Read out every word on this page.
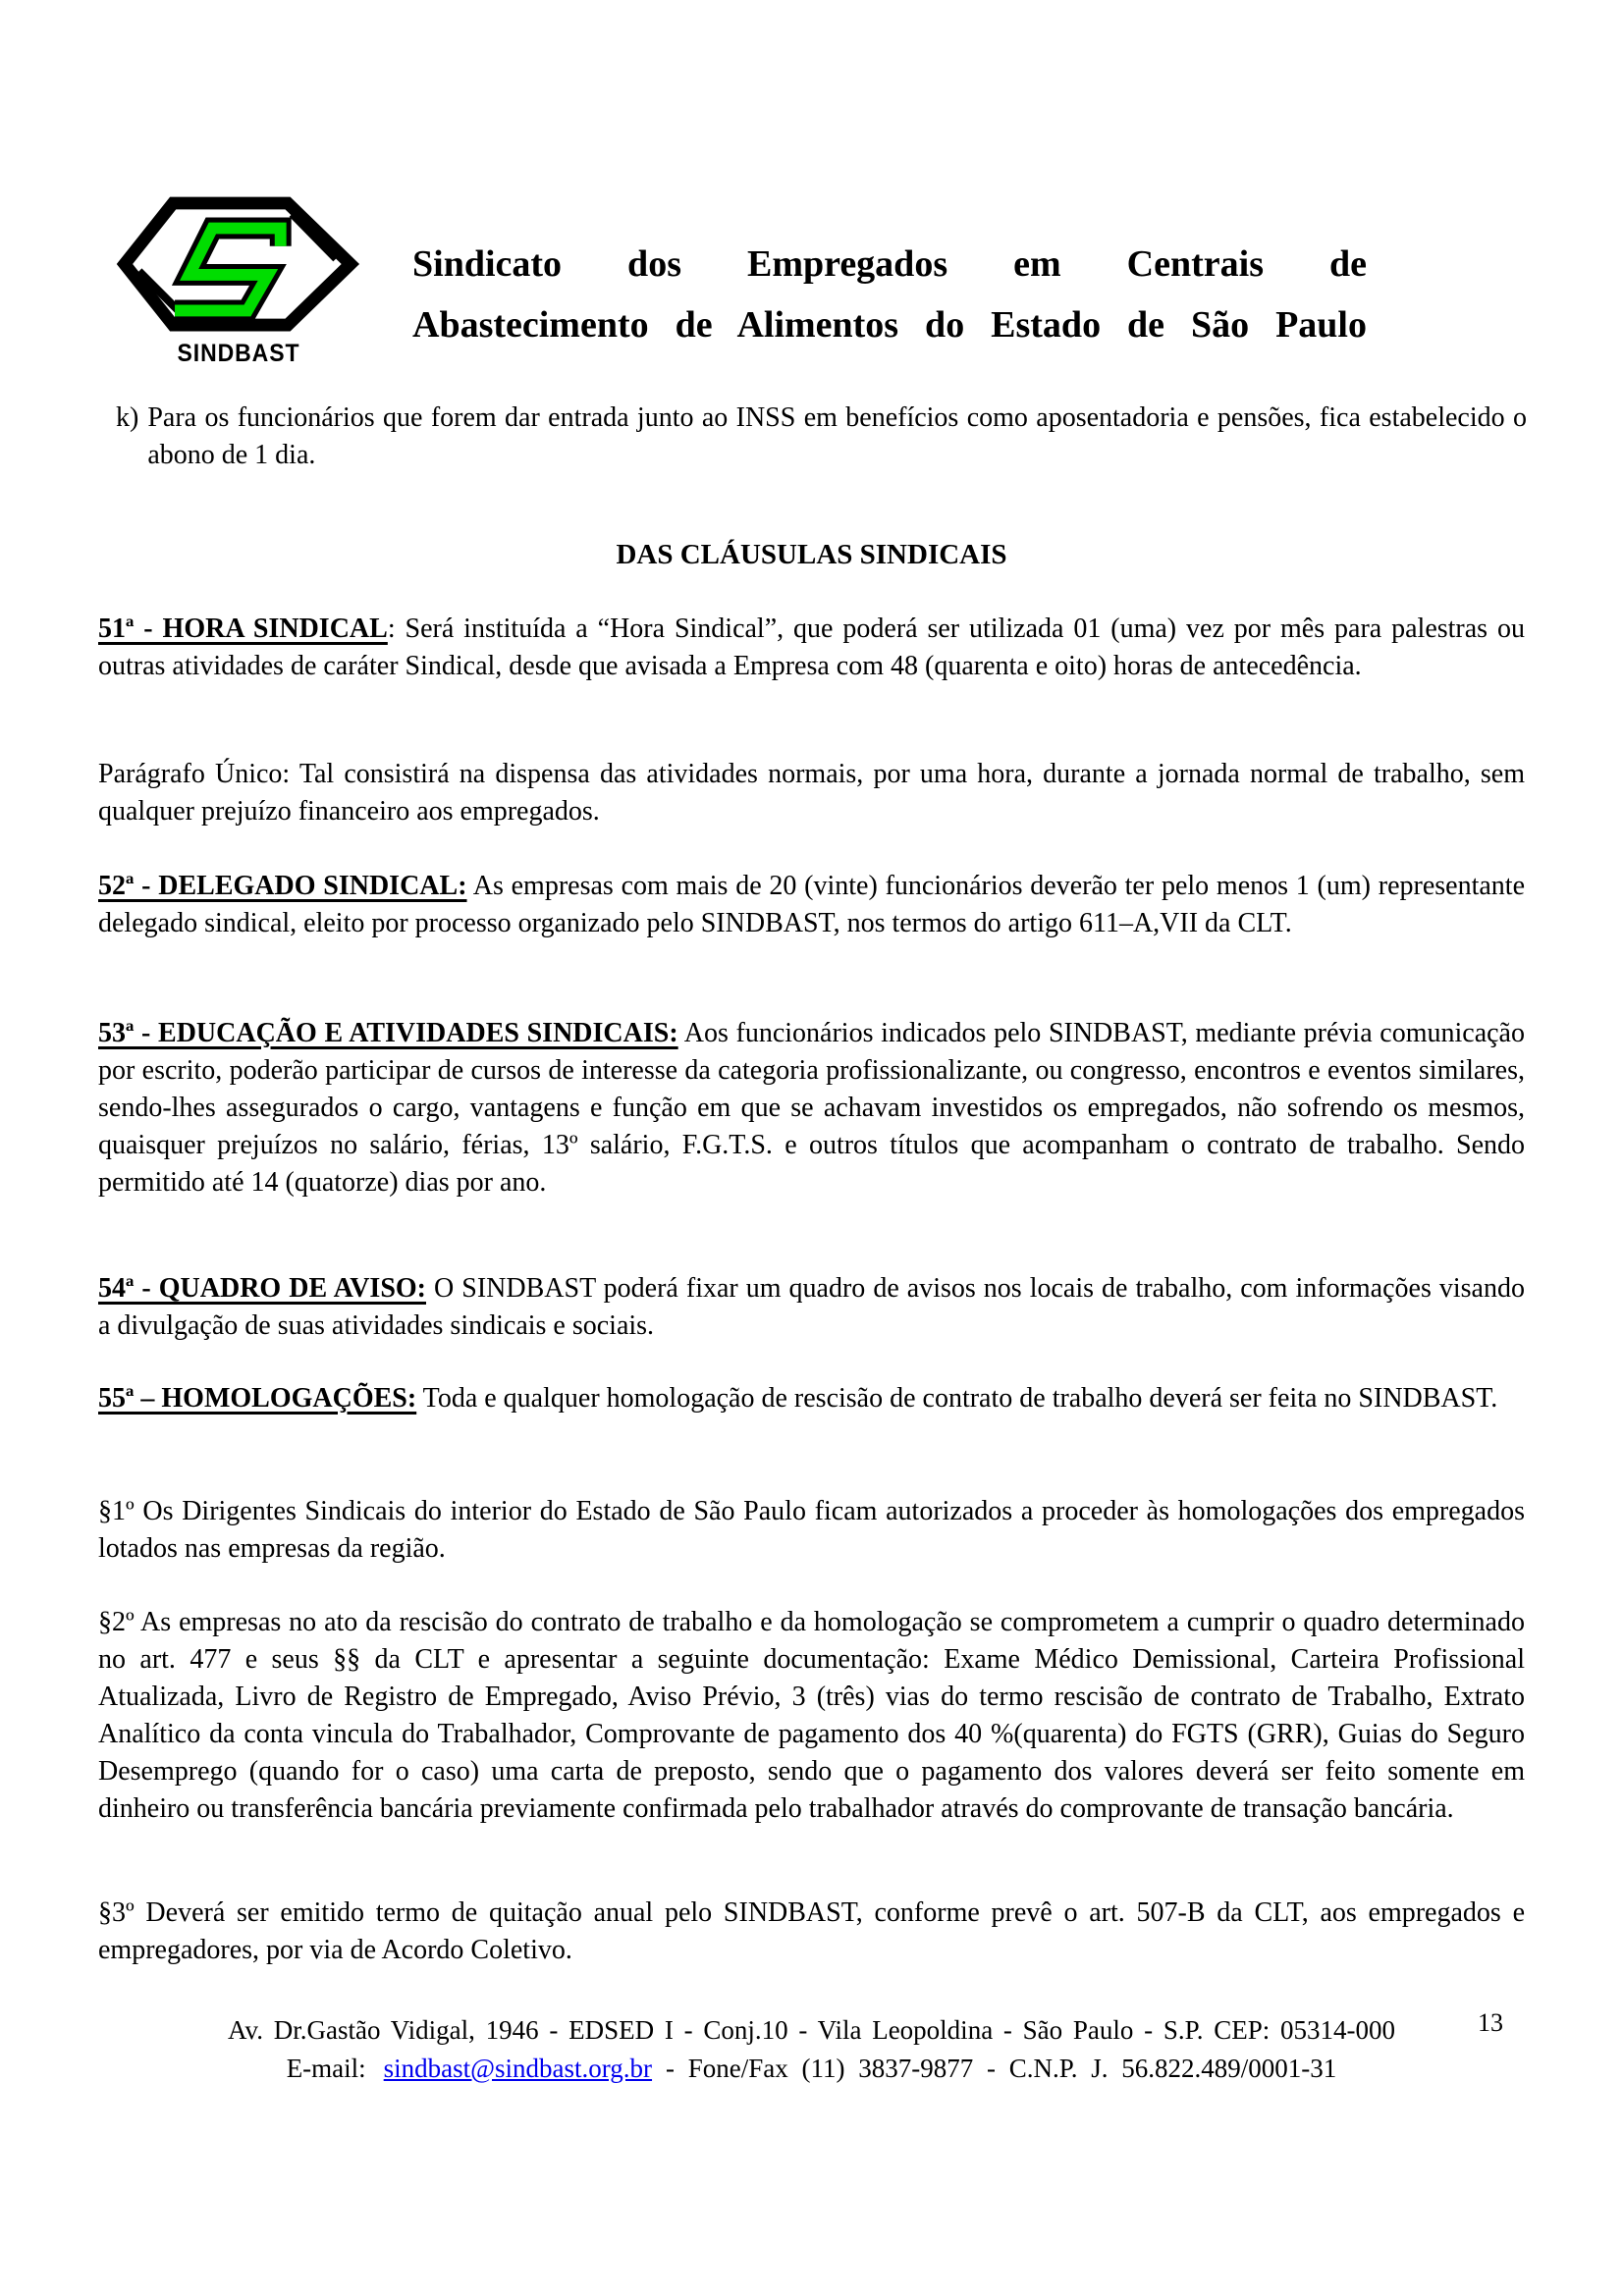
SINDBAST
Sindicato dos Empregados em Centrais de
Abastecimento de Alimentos do Estado de São Paulo
k) Para os funcionários que forem dar entrada junto ao INSS em benefícios como aposentadoria e pensões, fica estabelecido o abono de 1 dia.

DAS CLÁUSULAS SINDICAIS

51ª - HORA SINDICAL: Será instituída a “Hora Sindical”, que poderá ser utilizada 01 (uma) vez por mês para palestras ou outras atividades de caráter Sindical, desde que avisada a Empresa com 48 (quarenta e oito) horas de antecedência.

Parágrafo Único: Tal consistirá na dispensa das atividades normais, por uma hora, durante a jornada normal de trabalho, sem qualquer prejuízo financeiro aos empregados.

52ª - DELEGADO SINDICAL: As empresas com mais de 20 (vinte) funcionários deverão ter pelo menos 1 (um) representante delegado sindical, eleito por processo organizado pelo SINDBAST, nos termos do artigo 611–A,VII da CLT.

53ª - EDUCAÇÃO E ATIVIDADES SINDICAIS: Aos funcionários indicados pelo SINDBAST, mediante prévia comunicação por escrito, poderão participar de cursos de interesse da categoria profissionalizante, ou congresso, encontros e eventos similares, sendo-lhes assegurados o cargo, vantagens e função em que se achavam investidos os empregados, não sofrendo os mesmos, quaisquer prejuízos no salário, férias, 13º salário, F.G.T.S. e outros títulos que acompanham o contrato de trabalho. Sendo permitido até 14 (quatorze) dias por ano.

54ª - QUADRO DE AVISO: O SINDBAST poderá fixar um quadro de avisos nos locais de trabalho, com informações visando a divulgação de suas atividades sindicais e sociais.

55ª – HOMOLOGAÇÕES: Toda e qualquer homologação de rescisão de contrato de trabalho deverá ser feita no SINDBAST.

§1º Os Dirigentes Sindicais do interior do Estado de São Paulo ficam autorizados a proceder às homologações dos empregados lotados nas empresas da região.

§2º As empresas no ato da rescisão do contrato de trabalho e da homologação se comprometem a cumprir o quadro determinado no art. 477 e seus §§ da CLT e apresentar a seguinte documentação: Exame Médico Demissional, Carteira Profissional Atualizada, Livro de Registro de Empregado, Aviso Prévio, 3 (três) vias do termo rescisão de contrato de Trabalho, Extrato Analítico da conta vincula do Trabalhador, Comprovante de pagamento dos 40 %(quarenta) do FGTS (GRR), Guias do Seguro Desemprego (quando for o caso) uma carta de preposto, sendo que o pagamento dos valores deverá ser feito somente em dinheiro ou transferência bancária previamente confirmada pelo trabalhador através do comprovante de transação bancária.

§3º Deverá ser emitido termo de quitação anual pelo SINDBAST, conforme prevê o art. 507-B da CLT, aos empregados e empregadores, por via de Acordo Coletivo.

Av. Dr.Gastão Vidigal, 1946 - EDSED I - Conj.10 - Vila Leopoldina - São Paulo - S.P. CEP: 05314-000	13
E-mail: sindbast@sindbast.org.br - Fone/Fax (11) 3837-9877 - C.N.P. J. 56.822.489/0001-31
